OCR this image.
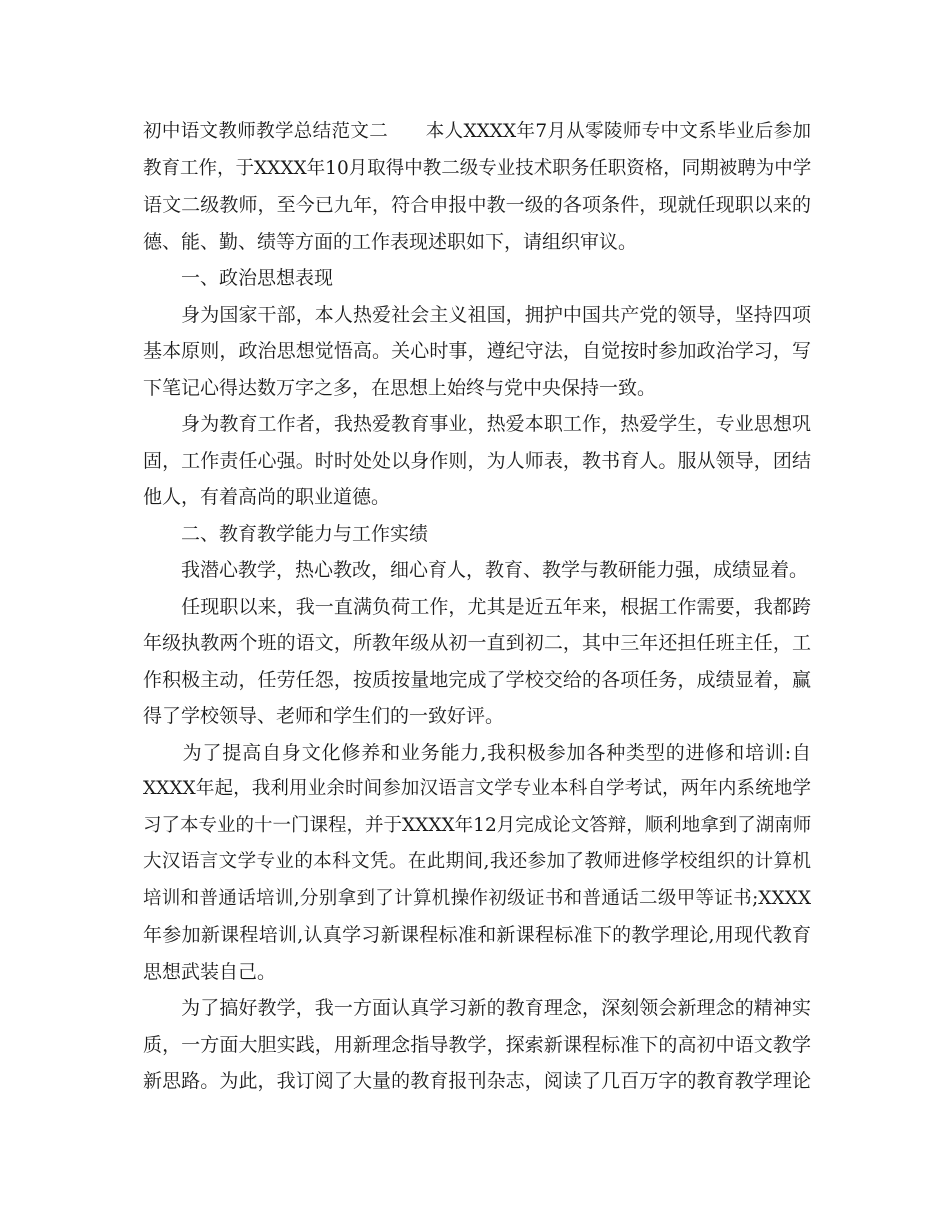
初中语文教师教学总结范文二　　本人XXXX年7月从零陵师专中文系毕业后参加
教育工作，于XXXX年10月取得中教二级专业技术职务任职资格，同期被聘为中学
语文二级教师，至今已九年，符合申报中教一级的各项条件，现就任现职以来的
德、能、勤、绩等方面的工作表现述职如下，请组织审议。
　　一、政治思想表现
　　身为国家干部，本人热爱社会主义祖国，拥护中国共产党的领导，坚持四项
基本原则，政治思想觉悟高。关心时事，遵纪守法，自觉按时参加政治学习，写
下笔记心得达数万字之多，在思想上始终与党中央保持一致。
　　身为教育工作者，我热爱教育事业，热爱本职工作，热爱学生，专业思想巩
固，工作责任心强。时时处处以身作则，为人师表，教书育人。服从领导，团结
他人，有着高尚的职业道德。
　　二、教育教学能力与工作实绩
　　我潜心教学，热心教改，细心育人，教育、教学与教研能力强，成绩显着。
　　任现职以来，我一直满负荷工作，尤其是近五年来，根据工作需要，我都跨
年级执教两个班的语文，所教年级从初一直到初二，其中三年还担任班主任，工
作积极主动，任劳任怨，按质按量地完成了学校交给的各项任务，成绩显着，赢
得了学校领导、老师和学生们的一致好评。
　　为了提高自身文化修养和业务能力,我积极参加各种类型的进修和培训:自
XXXX年起，我利用业余时间参加汉语言文学专业本科自学考试，两年内系统地学
习了本专业的十一门课程，并于XXXX年12月完成论文答辩，顺利地拿到了湖南师
大汉语言文学专业的本科文凭。在此期间,我还参加了教师进修学校组织的计算机
培训和普通话培训,分别拿到了计算机操作初级证书和普通话二级甲等证书;XXXX
年参加新课程培训,认真学习新课程标准和新课程标准下的教学理论,用现代教育
思想武装自己。
　　为了搞好教学，我一方面认真学习新的教育理念，深刻领会新理念的精神实
质，一方面大胆实践，用新理念指导教学，探索新课程标准下的高初中语文教学
新思路。为此，我订阅了大量的教育报刊杂志，阅读了几百万字的教育教学理论
